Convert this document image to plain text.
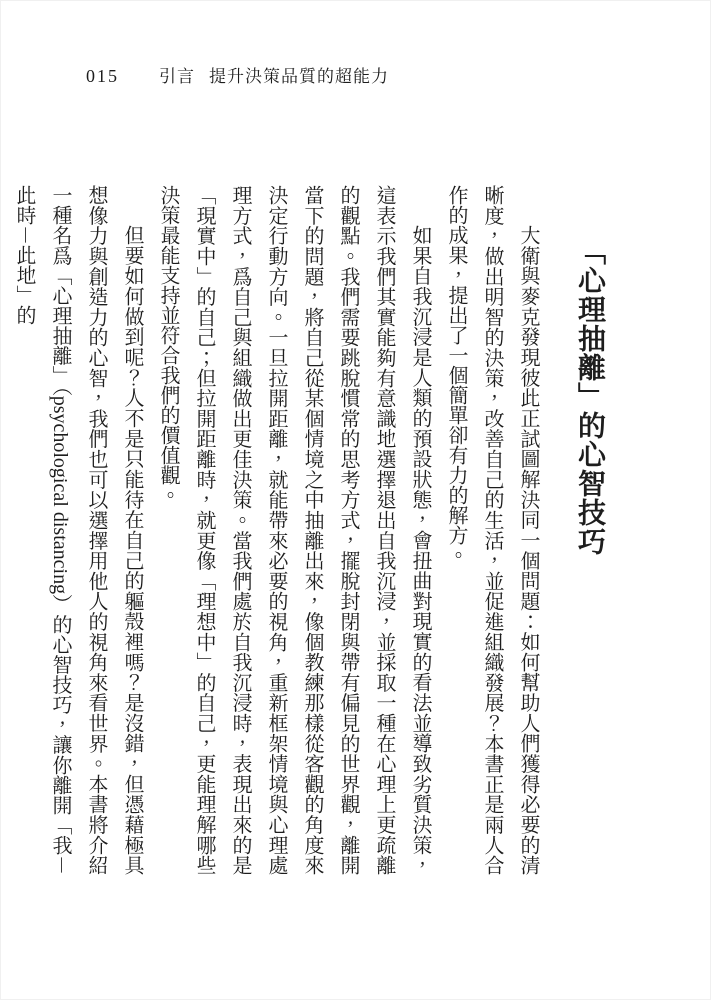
015 引言 提升決策品質的超能力
「心理抽離」的心智技巧

大衛與麥克發現彼此正試圖解決同一個問題：如何幫助人們獲得必要的清晰度，做出明智的決策，改善自己的生活，並促進組織發展？本書正是兩人合作的成果，提出了一個簡單卻有力的解方。

如果自我沉浸是人類的預設狀態，會扭曲對現實的看法並導致劣質決策，這表示我們其實能夠有意識地選擇退出自我沉浸，並採取一種在心理上更疏離的觀點。我們需要跳脫慣常的思考方式，擺脫封閉與帶有偏見的世界觀，離開當下的問題，將自己從某個情境之中抽離出來，像個教練那樣從客觀的角度來決定行動方向。一旦拉開距離，就能帶來必要的視角，重新框架情境與心理處理方式，爲自己與組織做出更佳決策。當我們處於自我沉浸時，表現出來的是「現實中」的自己；但拉開距離時，就更像「理想中」的自己，更能理解哪些決策最能支持並符合我們的價值觀。

但要如何做到呢？人不是只能待在自己的軀殼裡嗎？是沒錯，但憑藉極具想像力與創造力的心智，我們也可以選擇用他人的視角來看世界。本書將介紹一種名爲「心理抽離」（psychological distancing）的心智技巧，讓你離開「我－此時－此地」的
